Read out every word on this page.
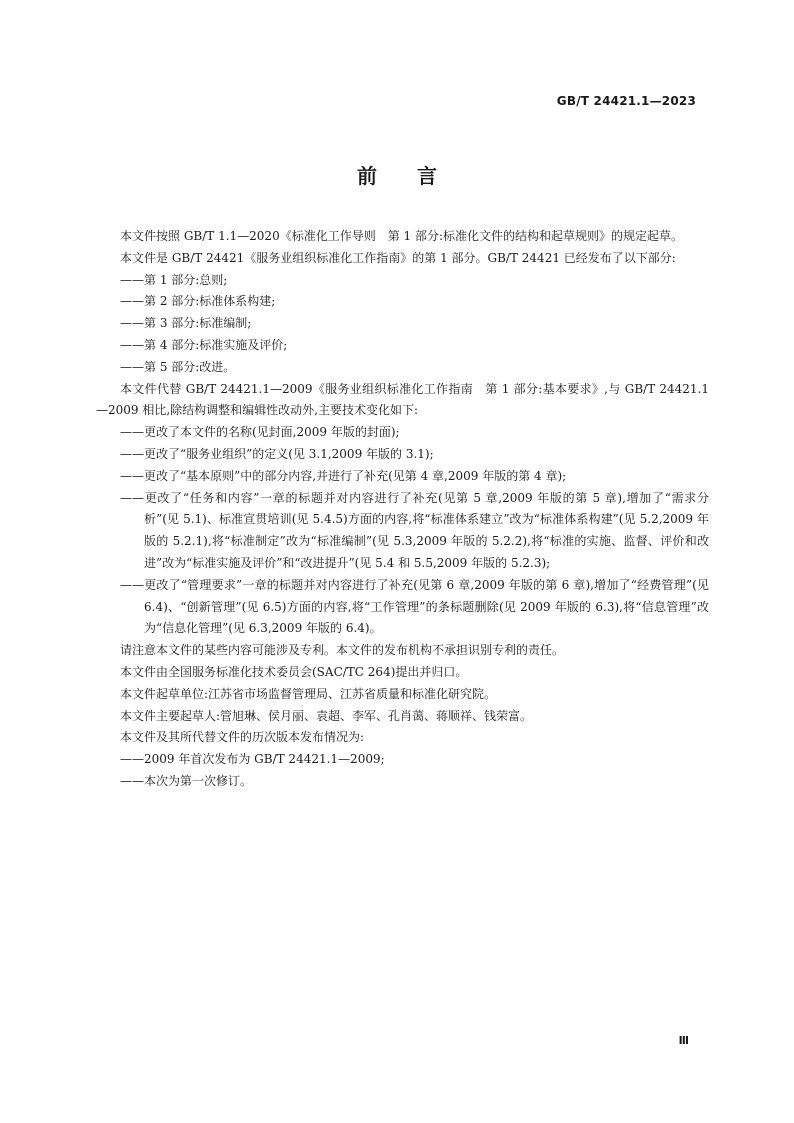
GB/T 24421.1—2023
前言

本文件按照 GB/T 1.1—2020《标准化工作导则　第 1 部分:标准化文件的结构和起草规则》的规定起草。

本文件是 GB/T 24421《服务业组织标准化工作指南》的第 1 部分。GB/T 24421 已经发布了以下部分:

——第 1 部分:总则;

——第 2 部分:标准体系构建;

——第 3 部分:标准编制;

——第 4 部分:标准实施及评价;

——第 5 部分:改进。

本文件代替 GB/T 24421.1—2009《服务业组织标准化工作指南　第 1 部分:基本要求》,与 GB/T 24421.1—2009 相比,除结构调整和编辑性改动外,主要技术变化如下:

——更改了本文件的名称(见封面,2009 年版的封面);

——更改了“服务业组织”的定义(见 3.1,2009 年版的 3.1);

——更改了“基本原则”中的部分内容,并进行了补充(见第 4 章,2009 年版的第 4 章);

——更改了“任务和内容”一章的标题并对内容进行了补充(见第 5 章,2009 年版的第 5 章),增加了“需求分析”(见 5.1)、标准宣贯培训(见 5.4.5)方面的内容,将“标准体系建立”改为“标准体系构建”(见 5.2,2009 年版的 5.2.1),将“标准制定”改为“标准编制”(见 5.3,2009 年版的 5.2.2),将“标准的实施、监督、评价和改进”改为“标准实施及评价”和“改进提升”(见 5.4 和 5.5,2009 年版的 5.2.3);

——更改了“管理要求”一章的标题并对内容进行了补充(见第 6 章,2009 年版的第 6 章),增加了“经费管理”(见 6.4)、“创新管理”(见 6.5)方面的内容,将“工作管理”的条标题删除(见 2009 年版的 6.3),将“信息管理”改为“信息化管理”(见 6.3,2009 年版的 6.4)。

请注意本文件的某些内容可能涉及专利。本文件的发布机构不承担识别专利的责任。

本文件由全国服务标准化技术委员会(SAC/TC 264)提出并归口。

本文件起草单位:江苏省市场监督管理局、江苏省质量和标准化研究院。

本文件主要起草人:管旭琳、侯月丽、袁超、李军、孔肖蔼、蒋顺祥、钱荣富。

本文件及其所代替文件的历次版本发布情况为:

——2009 年首次发布为 GB/T 24421.1—2009;

——本次为第一次修订。

Ⅲ
